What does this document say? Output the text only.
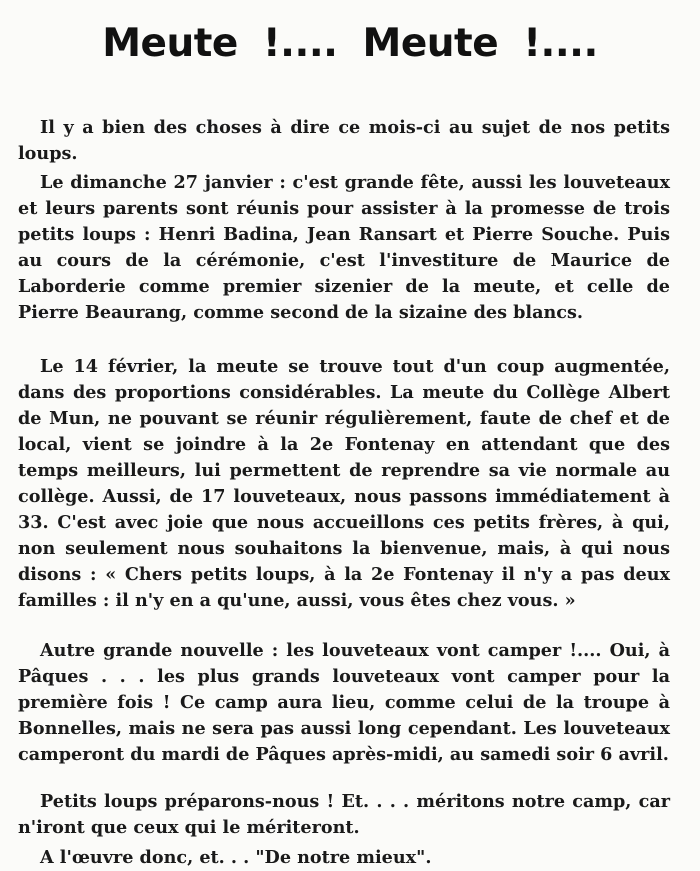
Meute !.... Meute !....

Il y a bien des choses à dire ce mois-ci au sujet de nos petits loups.

Le dimanche 27 janvier : c'est grande fête, aussi les louveteaux et leurs parents sont réunis pour assister à la promesse de trois petits loups : Henri Badina, Jean Ransart et Pierre Souche. Puis au cours de la cérémonie, c'est l'investiture de Maurice de Laborderie comme premier sizenier de la meute, et celle de Pierre Beaurang, comme second de la sizaine des blancs.

Le 14 février, la meute se trouve tout d'un coup augmentée, dans des proportions considérables. La meute du Collège Albert de Mun, ne pouvant se réunir régulièrement, faute de chef et de local, vient se joindre à la 2e Fontenay en attendant que des temps meilleurs, lui permettent de reprendre sa vie normale au collège. Aussi, de 17 louveteaux, nous passons immédiatement à 33. C'est avec joie que nous accueillons ces petits frères, à qui, non seulement nous souhaitons la bienvenue, mais, à qui nous disons : « Chers petits loups, à la 2e Fontenay il n'y a pas deux familles : il n'y en a qu'une, aussi, vous êtes chez vous. »

Autre grande nouvelle : les louveteaux vont camper !.... Oui, à Pâques . . . les plus grands louveteaux vont camper pour la première fois ! Ce camp aura lieu, comme celui de la troupe à Bonnelles, mais ne sera pas aussi long cependant. Les louveteaux camperont du mardi de Pâques après-midi, au samedi soir 6 avril.

Petits loups préparons-nous ! Et. . . . méritons notre camp, car n'iront que ceux qui le mériteront.

A l'œuvre donc, et. . . "De notre mieux".
